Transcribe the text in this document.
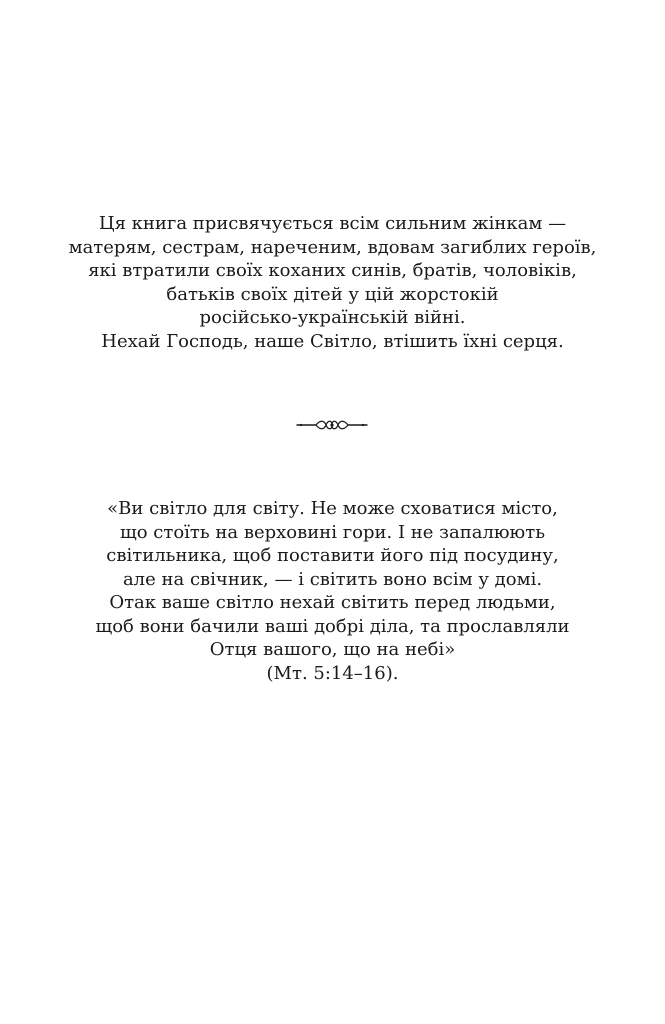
Ця книга присвячується всім сильним жінкам —
матерям, сестрам, нареченим, вдовам загиблих героїв,
які втратили своїх коханих синів, братів, чоловіків,
батьків своїх дітей у цій жорстокій
російсько-українській війні.
Нехай Господь, наше Світло, втішить їхні серця.
«Ви світло для світу. Не може сховатися місто,
що стоїть на верховині гори. І не запалюють
світильника, щоб поставити його під посудину,
але на свічник, — і світить воно всім у домі.
Отак ваше світло нехай світить перед людьми,
щоб вони бачили ваші добрі діла, та прославляли
Отця вашого, що на небі»
(Мт. 5:14–16).
